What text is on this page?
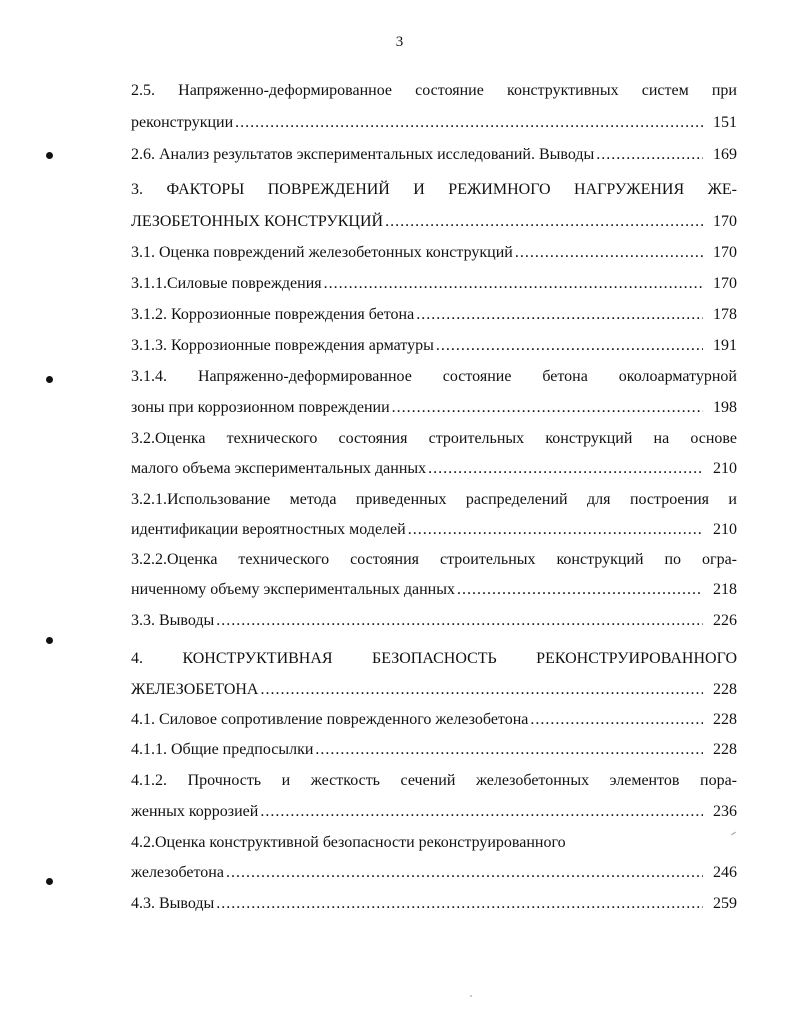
3
2.5. Напряженно-деформированное состояние конструктивных систем при
реконструкции .....	151
2.6. Анализ результатов экспериментальных исследований. Выводы .....	169
3. ФАКТОРЫ ПОВРЕЖДЕНИЙ И РЕЖИМНОГО НАГРУЖЕНИЯ ЖЕ-
ЛЕЗОБЕТОННЫХ КОНСТРУКЦИЙ .....	170
3.1. Оценка повреждений железобетонных конструкций .....	170
3.1.1.Силовые повреждения .....	170
3.1.2. Коррозионные повреждения бетона .....	178
3.1.3. Коррозионные повреждения арматуры .....	191
3.1.4. Напряженно-деформированное состояние бетона околоарматурной
зоны при коррозионном повреждении .....	198
3.2.Оценка технического состояния строительных конструкций на основе
малого объема экспериментальных данных .....	210
3.2.1.Использование метода приведенных распределений для построения и
идентификации вероятностных моделей .....	210
3.2.2.Оценка технического состояния строительных конструкций по огра-
ниченному объему экспериментальных данных .....	218
3.3. Выводы .....	226
4. КОНСТРУКТИВНАЯ БЕЗОПАСНОСТЬ РЕКОНСТРУИРОВАННОГО
ЖЕЛЕЗОБЕТОНА .....	228
4.1. Силовое сопротивление поврежденного железобетона .....	228
4.1.1. Общие предпосылки .....	228
4.1.2. Прочность и жесткость сечений железобетонных элементов пора-
женных коррозией .....	236
4.2.Оценка конструктивной безопасности реконструированного
железобетона .....	246
4.3. Выводы .....	259
